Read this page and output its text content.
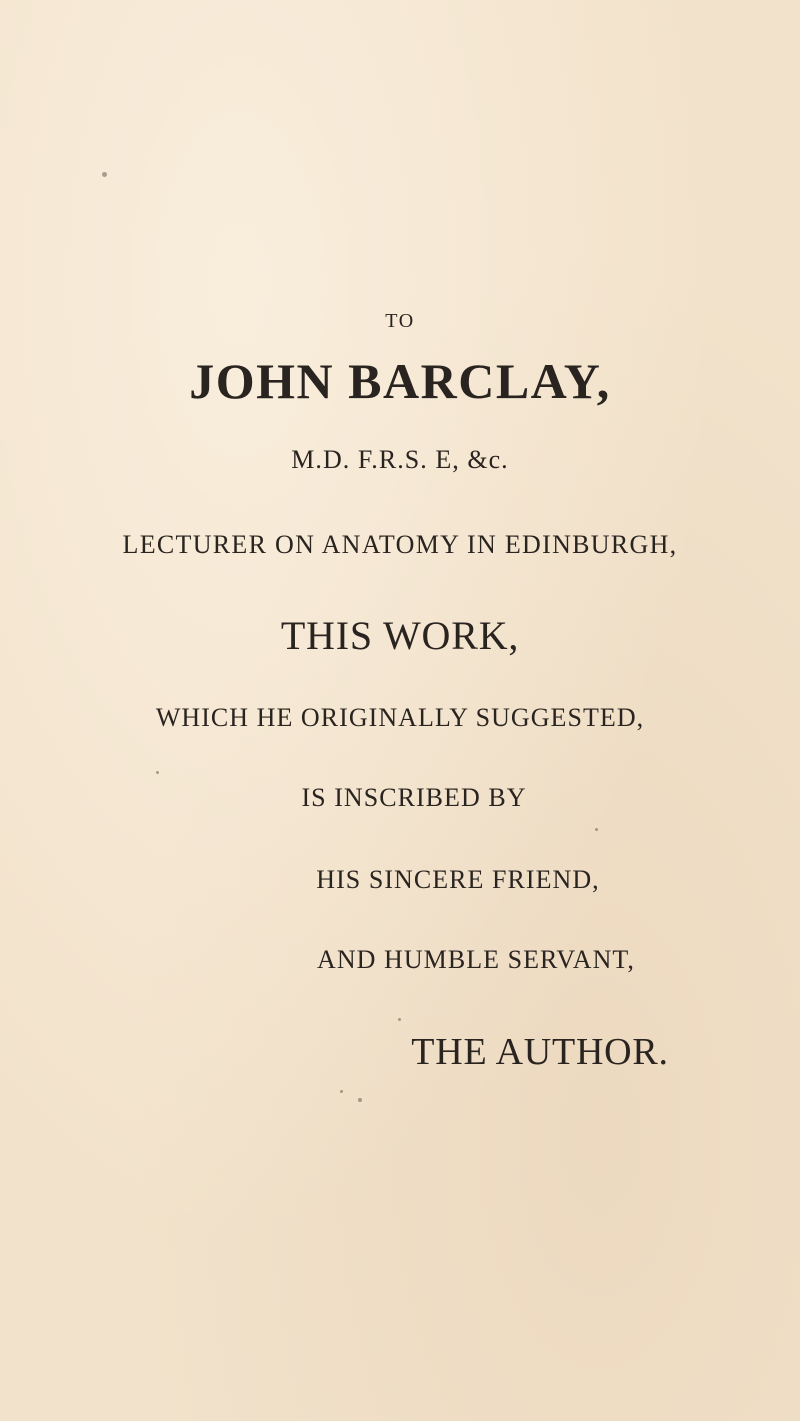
TO
JOHN BARCLAY,
M.D. F.R.S. E, &c.
LECTURER ON ANATOMY IN EDINBURGH,
THIS WORK,
WHICH HE ORIGINALLY SUGGESTED,
IS INSCRIBED BY
HIS SINCERE FRIEND,
AND HUMBLE SERVANT,
THE AUTHOR.
